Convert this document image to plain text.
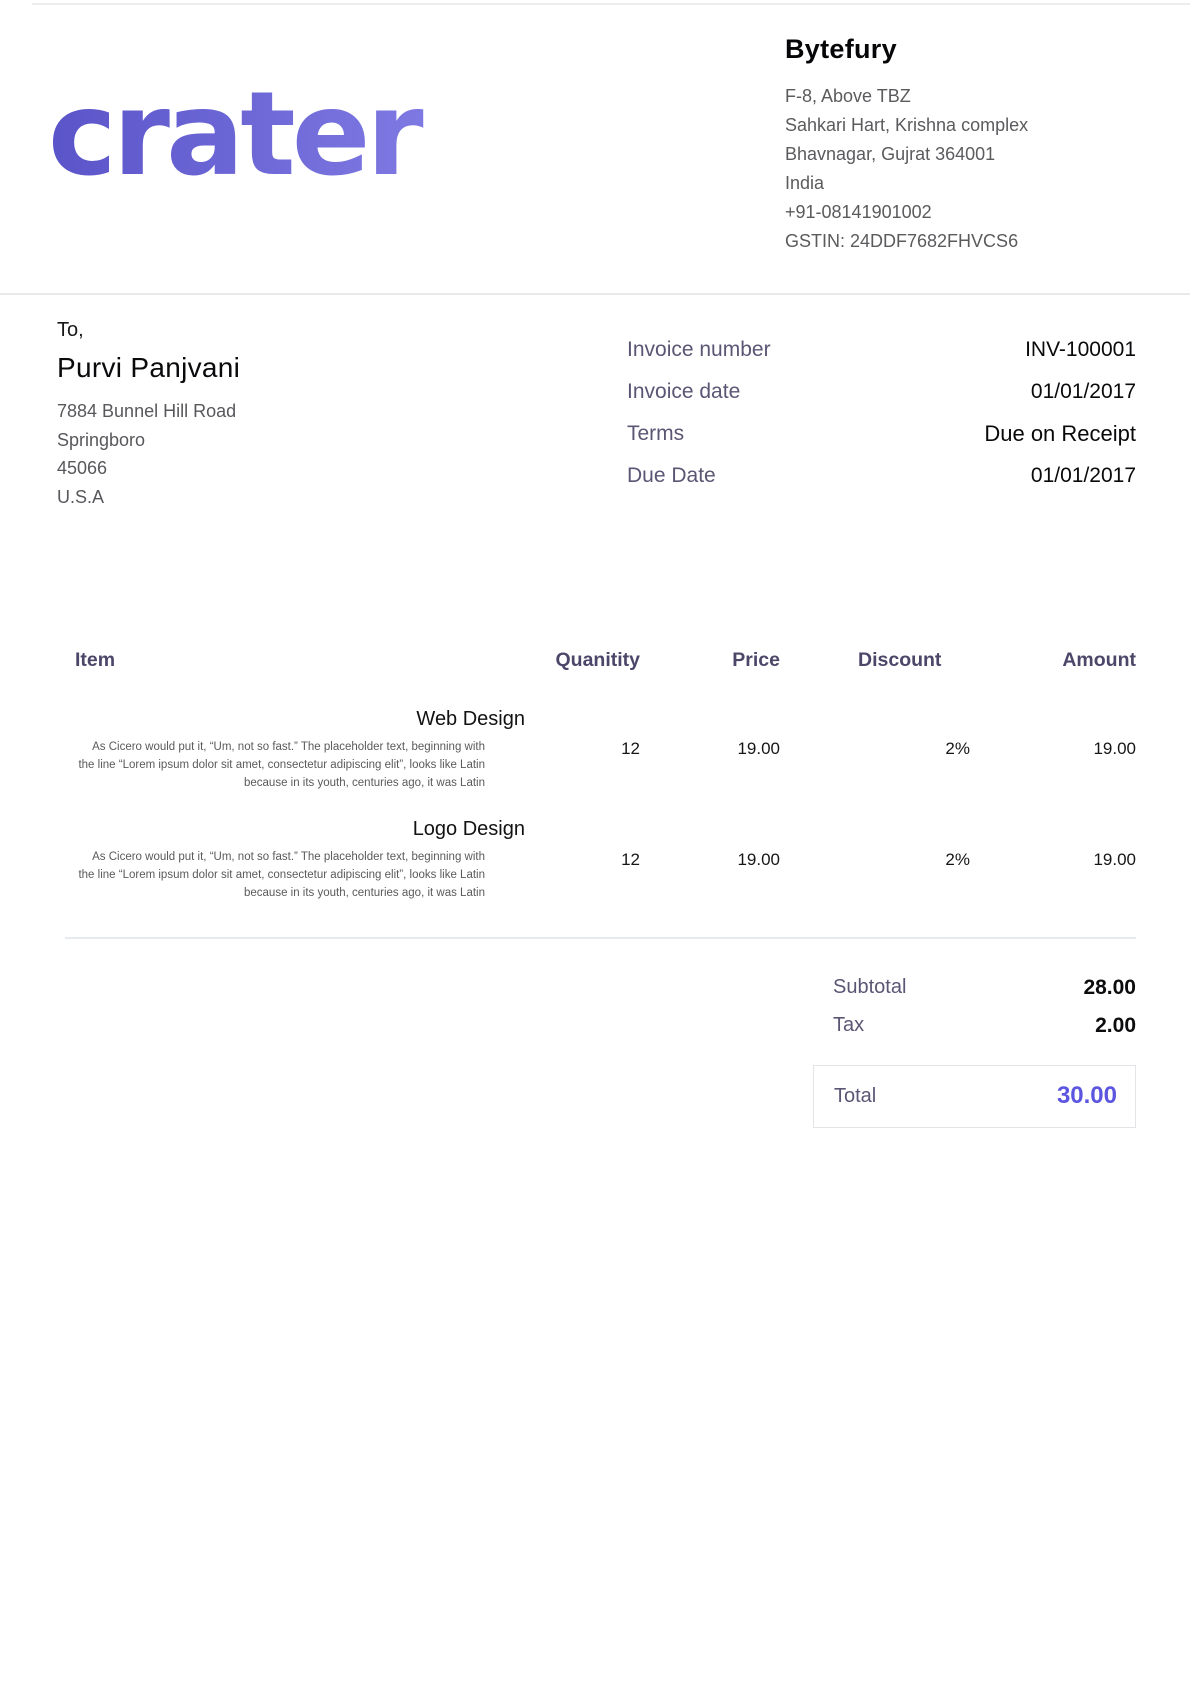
crater
Bytefury
F-8, Above TBZ
Sahkari Hart, Krishna complex
Bhavnagar, Gujrat 364001
India
+91-08141901002
GSTIN: 24DDF7682FHVCS6
To,
Purvi Panjvani
7884 Bunnel Hill Road
Springboro
45066
U.S.A
Invoice number	INV-100001
Invoice date	01/01/2017
Terms	Due on Receipt
Due Date	01/01/2017
Item	Quanitity	Price	Discount	Amount

Web Design
As Cicero would put it, “Um, not so fast.” The placeholder text, beginning with the line “Lorem ipsum dolor sit amet, consectetur adipiscing elit”, looks like Latin because in its youth, centuries ago, it was Latin	12	19.00	2%	19.00

Logo Design
As Cicero would put it, “Um, not so fast.” The placeholder text, beginning with the line “Lorem ipsum dolor sit amet, consectetur adipiscing elit”, looks like Latin because in its youth, centuries ago, it was Latin	12	19.00	2%	19.00
Subtotal	28.00
Tax	2.00
Total	30.00
